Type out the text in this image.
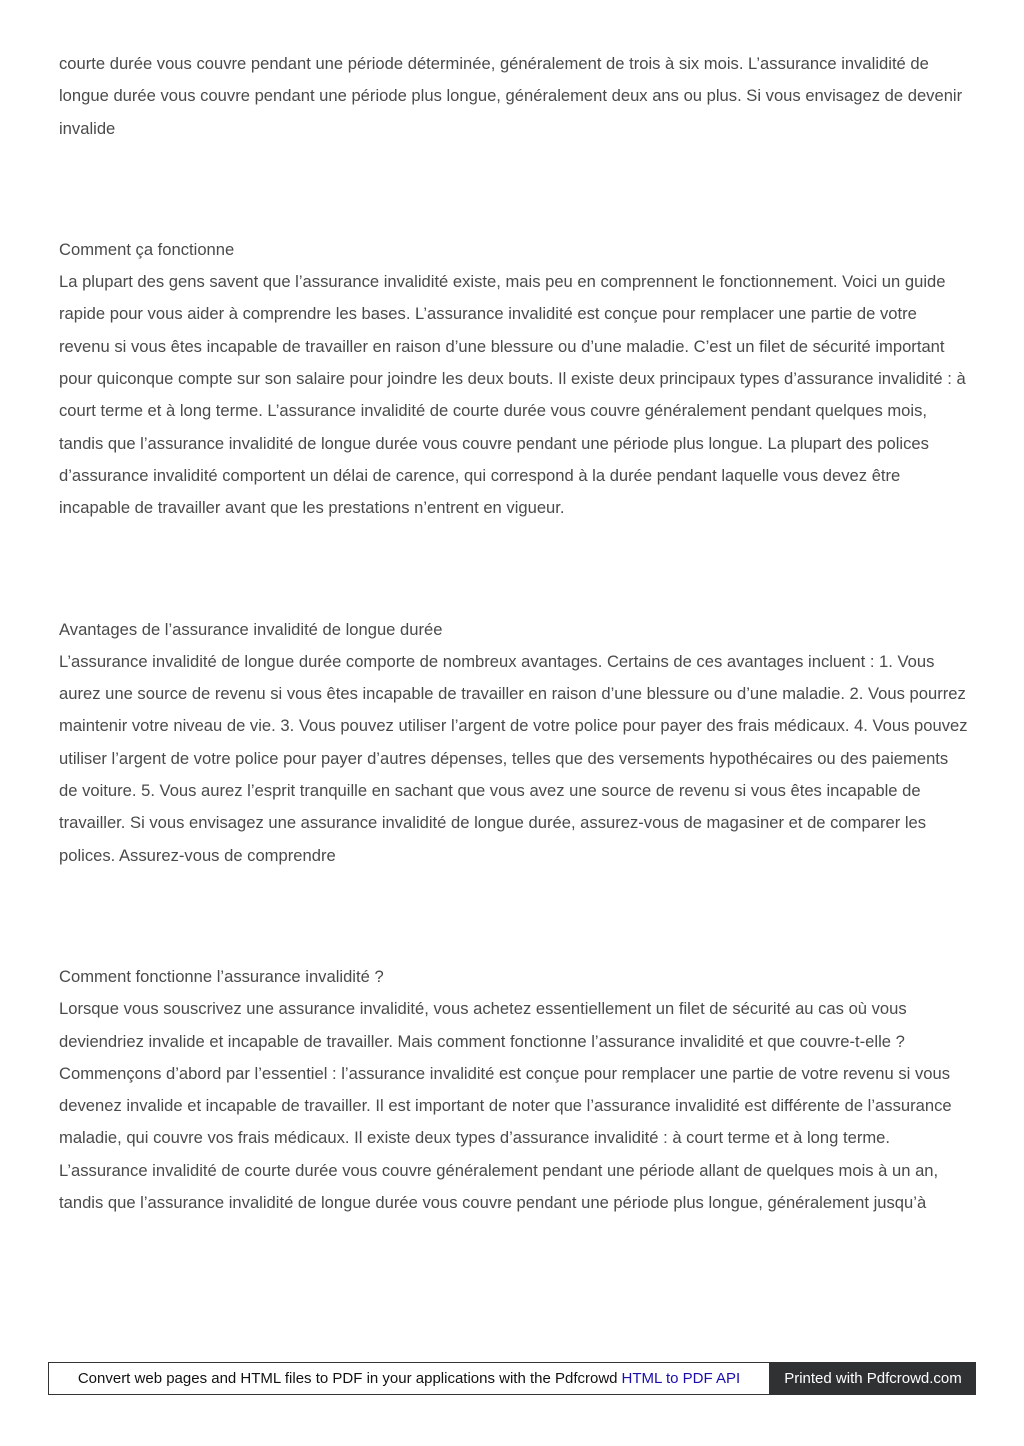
courte durée vous couvre pendant une période déterminée, généralement de trois à six mois. L’assurance invalidité de longue durée vous couvre pendant une période plus longue, généralement deux ans ou plus. Si vous envisagez de devenir invalide

Comment ça fonctionne

La plupart des gens savent que l’assurance invalidité existe, mais peu en comprennent le fonctionnement. Voici un guide rapide pour vous aider à comprendre les bases. L’assurance invalidité est conçue pour remplacer une partie de votre revenu si vous êtes incapable de travailler en raison d’une blessure ou d’une maladie. C’est un filet de sécurité important pour quiconque compte sur son salaire pour joindre les deux bouts. Il existe deux principaux types d’assurance invalidité : à court terme et à long terme. L’assurance invalidité de courte durée vous couvre généralement pendant quelques mois, tandis que l’assurance invalidité de longue durée vous couvre pendant une période plus longue. La plupart des polices d’assurance invalidité comportent un délai de carence, qui correspond à la durée pendant laquelle vous devez être incapable de travailler avant que les prestations n’entrent en vigueur.

Avantages de l’assurance invalidité de longue durée

L’assurance invalidité de longue durée comporte de nombreux avantages. Certains de ces avantages incluent : 1. Vous aurez une source de revenu si vous êtes incapable de travailler en raison d’une blessure ou d’une maladie. 2. Vous pourrez maintenir votre niveau de vie. 3. Vous pouvez utiliser l’argent de votre police pour payer des frais médicaux. 4. Vous pouvez utiliser l’argent de votre police pour payer d’autres dépenses, telles que des versements hypothécaires ou des paiements de voiture. 5. Vous aurez l’esprit tranquille en sachant que vous avez une source de revenu si vous êtes incapable de travailler. Si vous envisagez une assurance invalidité de longue durée, assurez-vous de magasiner et de comparer les polices. Assurez-vous de comprendre

Comment fonctionne l’assurance invalidité ?

Lorsque vous souscrivez une assurance invalidité, vous achetez essentiellement un filet de sécurité au cas où vous deviendriez invalide et incapable de travailler. Mais comment fonctionne l’assurance invalidité et que couvre-t-elle ? Commençons d’abord par l’essentiel : l’assurance invalidité est conçue pour remplacer une partie de votre revenu si vous devenez invalide et incapable de travailler. Il est important de noter que l’assurance invalidité est différente de l’assurance maladie, qui couvre vos frais médicaux. Il existe deux types d’assurance invalidité : à court terme et à long terme. L’assurance invalidité de courte durée vous couvre généralement pendant une période allant de quelques mois à un an, tandis que l’assurance invalidité de longue durée vous couvre pendant une période plus longue, généralement jusqu’à

Convert web pages and HTML files to PDF in your applications with the Pdfcrowd HTML to PDF API	Printed with Pdfcrowd.com
